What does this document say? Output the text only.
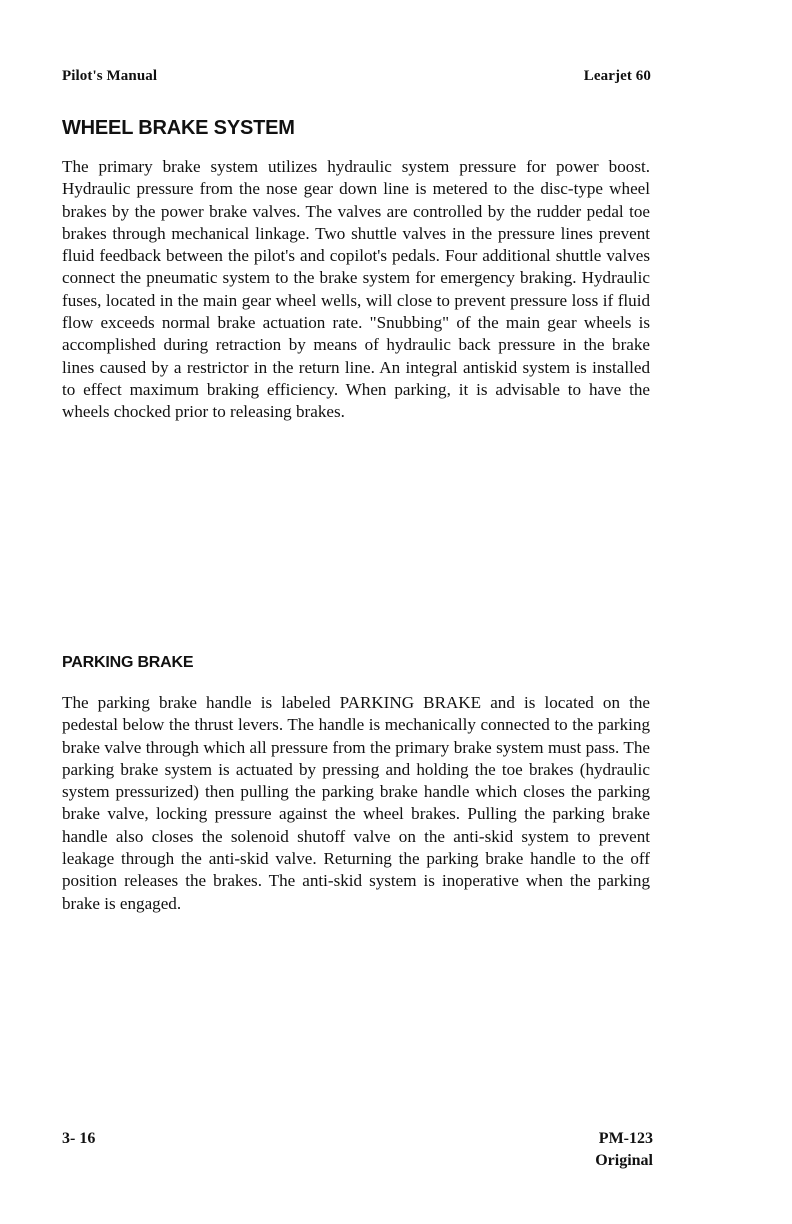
Pilot's Manual	Learjet 60
WHEEL BRAKE SYSTEM
The primary brake system utilizes hydraulic system pressure for power boost. Hydraulic pressure from the nose gear down line is metered to the disc-type wheel brakes by the power brake valves. The valves are controlled by the rudder pedal toe brakes through mechanical linkage. Two shuttle valves in the pressure lines prevent fluid feedback between the pilot's and copilot's pedals. Four additional shuttle valves connect the pneumatic system to the brake system for emergency braking. Hydraulic fuses, located in the main gear wheel wells, will close to prevent pressure loss if fluid flow exceeds normal brake actuation rate. "Snubbing" of the main gear wheels is accomplished during retraction by means of hydraulic back pressure in the brake lines caused by a restrictor in the return line. An integral antiskid system is installed to effect maximum braking efficiency. When parking, it is advisable to have the wheels chocked prior to releasing brakes.
PARKING BRAKE
The parking brake handle is labeled PARKING BRAKE and is located on the pedestal below the thrust levers. The handle is mechanically connected to the parking brake valve through which all pressure from the primary brake system must pass. The parking brake system is actuated by pressing and holding the toe brakes (hydraulic system pressurized) then pulling the parking brake handle which closes the parking brake valve, locking pressure against the wheel brakes. Pulling the parking brake handle also closes the solenoid shutoff valve on the anti-skid system to prevent leakage through the anti-skid valve. Returning the parking brake handle to the off position releases the brakes. The anti-skid system is inoperative when the parking brake is engaged.
3- 16	PM-123
Original
